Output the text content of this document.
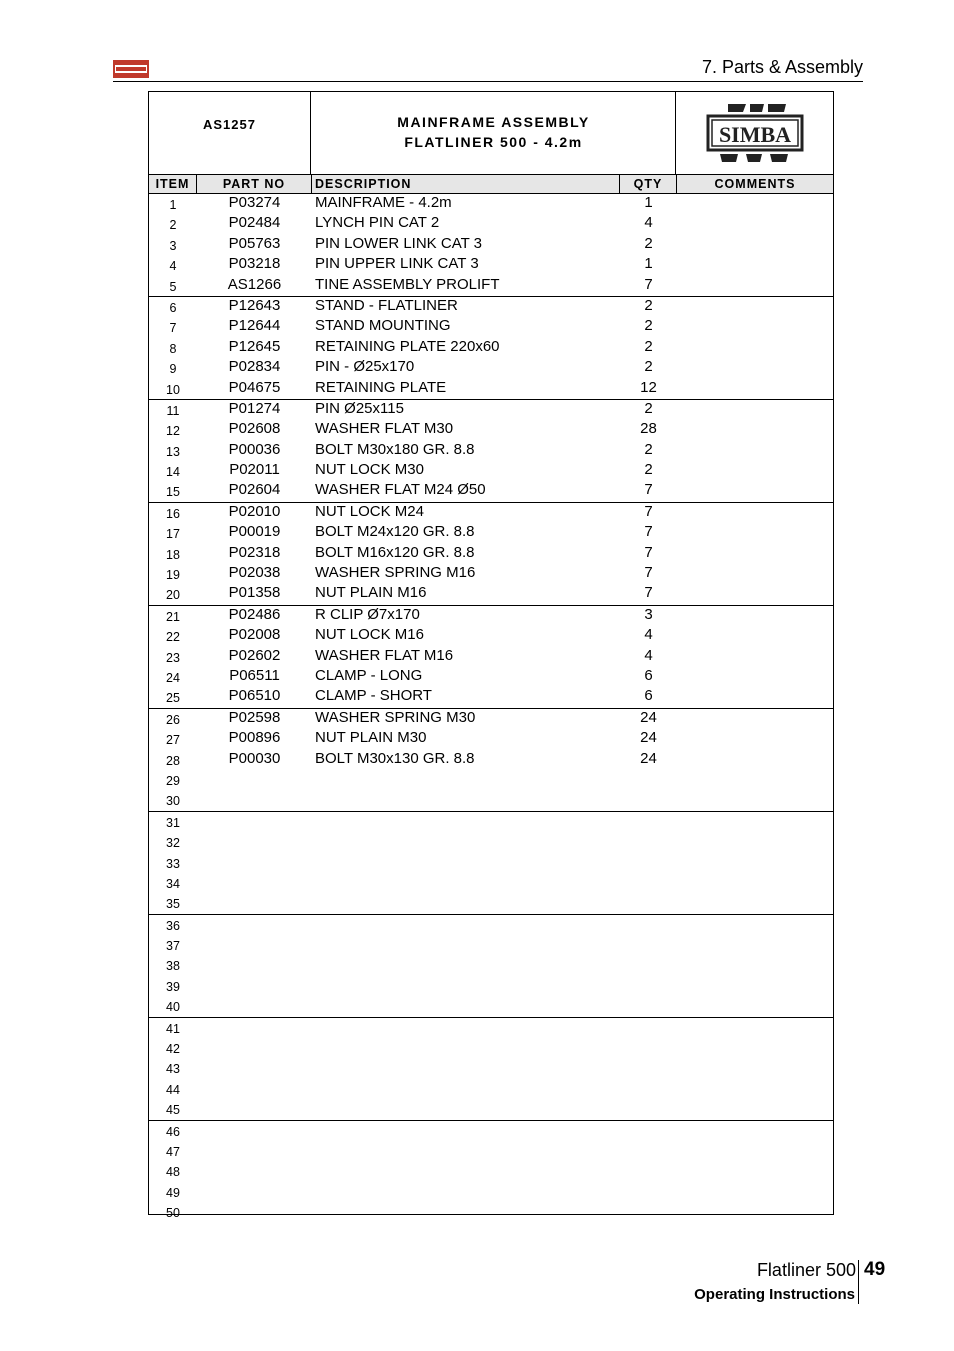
7. Parts & Assembly
AS1257	MAINFRAME ASSEMBLY
FLATLINER 500 - 4.2m	SIMBA
ITEM	PART NO	DESCRIPTION	QTY	COMMENTS
1	P03274	MAINFRAME - 4.2m	1
2	P02484	LYNCH PIN CAT 2	4
3	P05763	PIN LOWER LINK CAT 3	2
4	P03218	PIN UPPER LINK CAT 3	1
5	AS1266	TINE ASSEMBLY PROLIFT	7
6	P12643	STAND - FLATLINER	2
7	P12644	STAND MOUNTING	2
8	P12645	RETAINING PLATE 220x60	2
9	P02834	PIN - Ø25x170	2
10	P04675	RETAINING PLATE	12
11	P01274	PIN Ø25x115	2
12	P02608	WASHER FLAT M30	28
13	P00036	BOLT M30x180 GR. 8.8	2
14	P02011	NUT LOCK M30	2
15	P02604	WASHER FLAT M24 Ø50	7
16	P02010	NUT LOCK M24	7
17	P00019	BOLT M24x120 GR. 8.8	7
18	P02318	BOLT M16x120 GR. 8.8	7
19	P02038	WASHER SPRING M16	7
20	P01358	NUT PLAIN M16	7
21	P02486	R CLIP Ø7x170	3
22	P02008	NUT LOCK M16	4
23	P02602	WASHER FLAT M16	4
24	P06511	CLAMP - LONG	6
25	P06510	CLAMP - SHORT	6
26	P02598	WASHER SPRING M30	24
27	P00896	NUT PLAIN M30	24
28	P00030	BOLT M30x130 GR. 8.8	24
29
30
31
32
33
34
35
36
37
38
39
40
41
42
43
44
45
46
47
48
49
50
Flatliner 500 49
Operating Instructions
